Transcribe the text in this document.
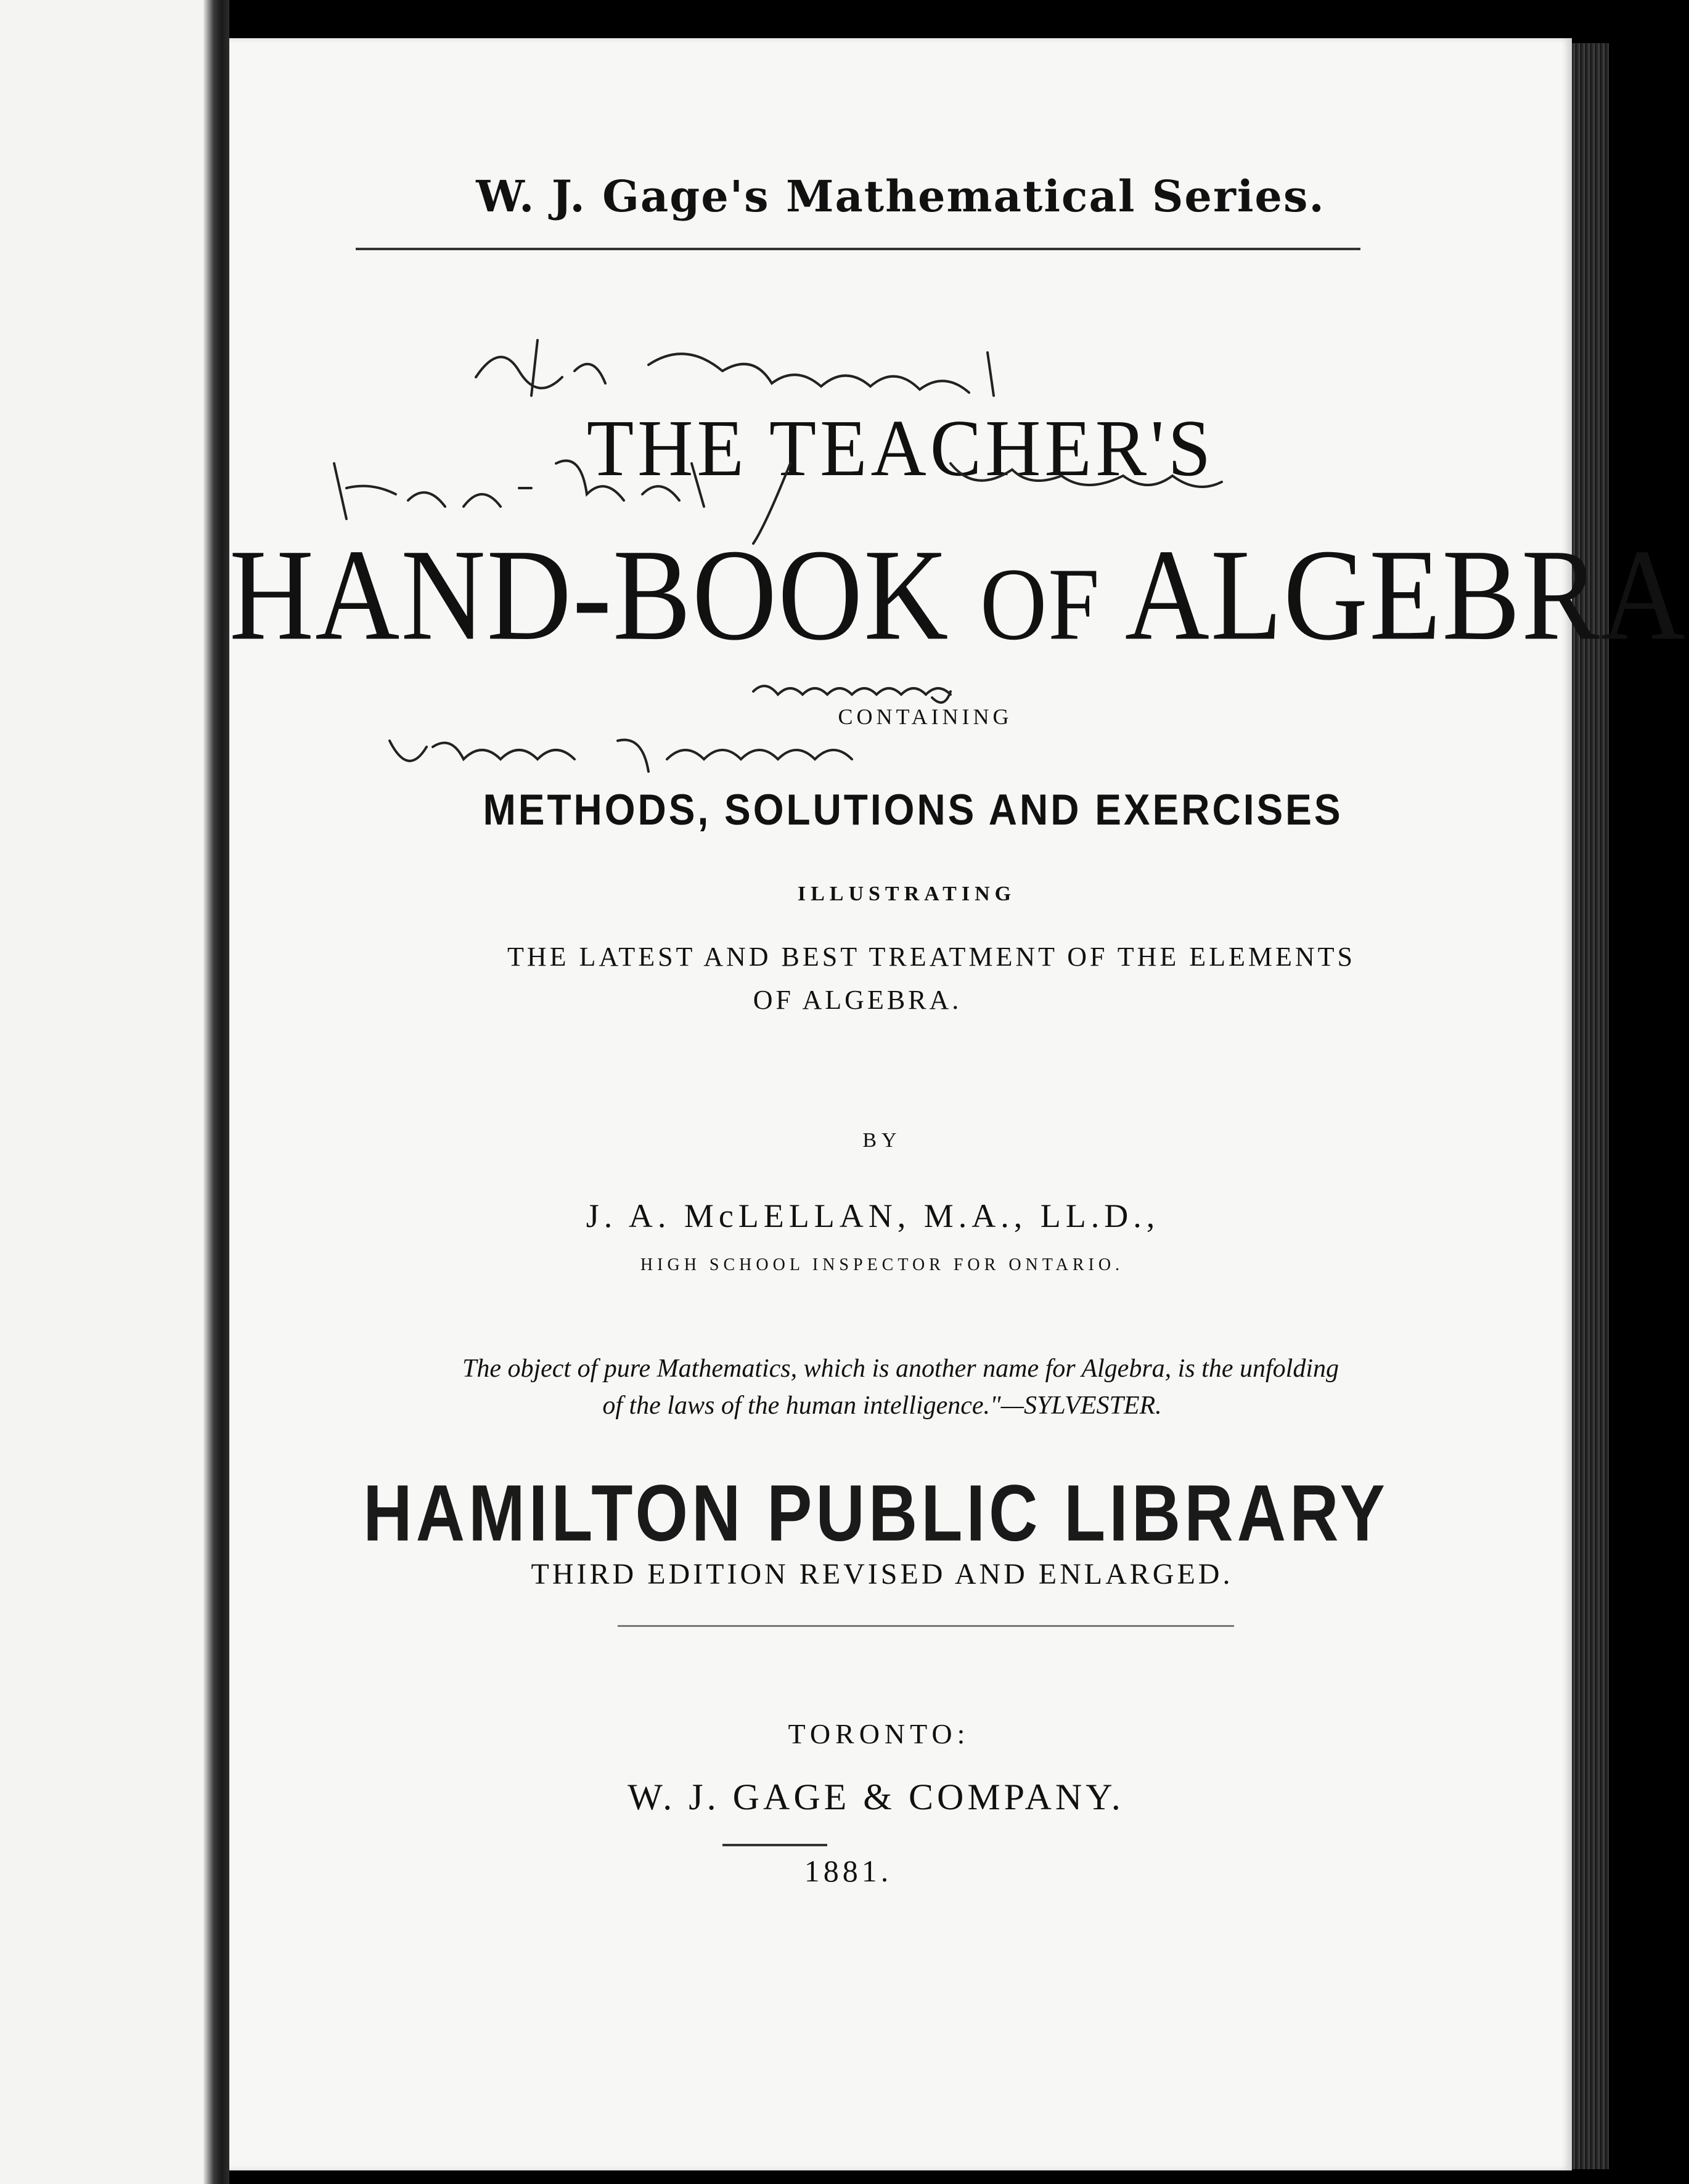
W. J. Gage's Mathematical Series.
THE TEACHER'S
HAND-BOOK OF ALGEBRA
CONTAINING
METHODS, SOLUTIONS AND EXERCISES
ILLUSTRATING
THE LATEST AND BEST TREATMENT OF THE ELEMENTS
OF ALGEBRA.
BY
J. A. McLELLAN, M.A., LL.D.,
HIGH SCHOOL INSPECTOR FOR ONTARIO.
The object of pure Mathematics, which is another name for Algebra, is the unfolding
of the laws of the human intelligence."—SYLVESTER.
HAMILTON PUBLIC LIBRARY
THIRD EDITION REVISED AND ENLARGED.
TORONTO:
W. J. GAGE & COMPANY.
1881.
